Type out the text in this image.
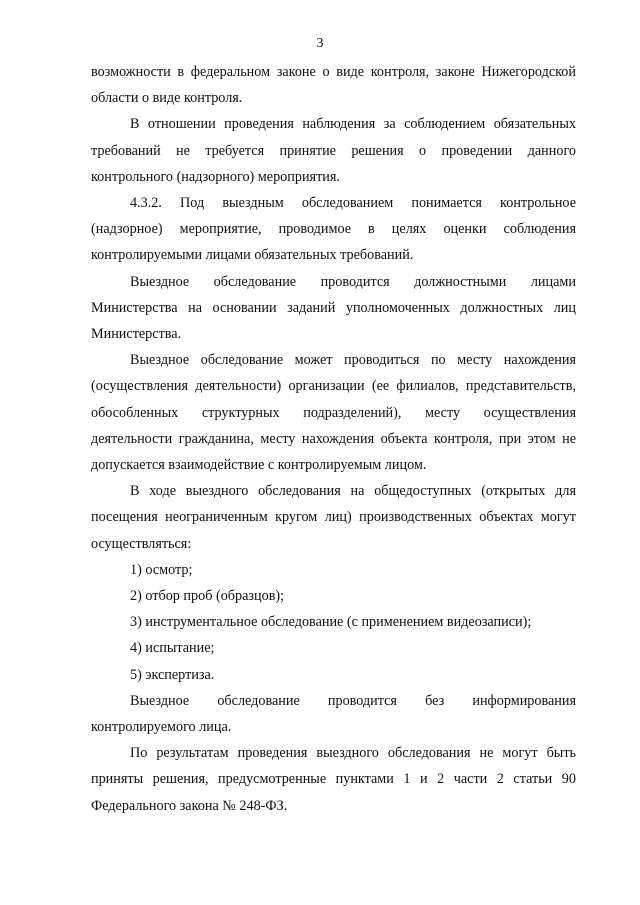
3

возможности в федеральном законе о виде контроля, законе Нижегородской области о виде контроля.

В отношении проведения наблюдения за соблюдением обязательных требований не требуется принятие решения о проведении данного контрольного (надзорного) мероприятия.

4.3.2. Под выездным обследованием понимается контрольное (надзорное) мероприятие, проводимое в целях оценки соблюдения контролируемыми лицами обязательных требований.

Выездное обследование проводится должностными лицами Министерства на основании заданий уполномоченных должностных лиц Министерства.

Выездное обследование может проводиться по месту нахождения (осуществления деятельности) организации (ее филиалов, представительств, обособленных структурных подразделений), месту осуществления деятельности гражданина, месту нахождения объекта контроля, при этом не допускается взаимодействие с контролируемым лицом.

В ходе выездного обследования на общедоступных (открытых для посещения неограниченным кругом лиц) производственных объектах могут осуществляться:

1) осмотр;

2) отбор проб (образцов);

3) инструментальное обследование (с применением видеозаписи);

4) испытание;

5) экспертиза.

Выездное обследование проводится без информирования контролируемого лица.

По результатам проведения выездного обследования не могут быть приняты решения, предусмотренные пунктами 1 и 2 части 2 статьи 90 Федерального закона № 248-ФЗ.
